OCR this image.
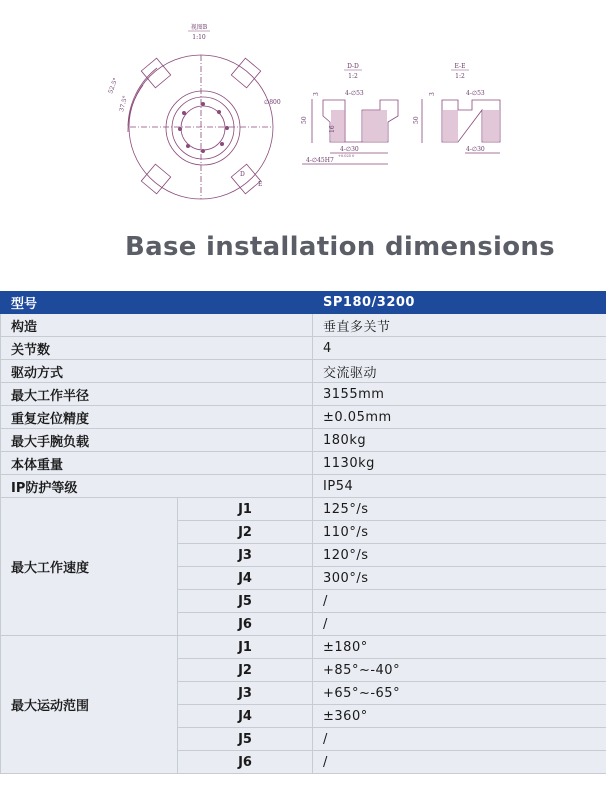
视图B
1:10
52.5°
37.5°	∅800
D
E
D-D
1:2
4-∅53
4-∅30
4-∅45H7
+0.025 0
50
3
16
E-E
1:2
4-∅53
4-∅30
50
3
Base installation dimensions
型号		SP180/3200
构造		垂直多关节
关节数		4
驱动方式		交流驱动
最大工作半径		3155mm
重复定位精度		±0.05mm
最大手腕负载		180kg
本体重量		1130kg
IP防护等级		IP54
最大工作速度	J1	125°/s
	J2	110°/s
	J3	120°/s
	J4	300°/s
	J5	/
	J6	/
最大运动范围	J1	±180°
	J2	+85°~-40°
	J3	+65°~-65°
	J4	±360°
	J5	/
	J6	/
